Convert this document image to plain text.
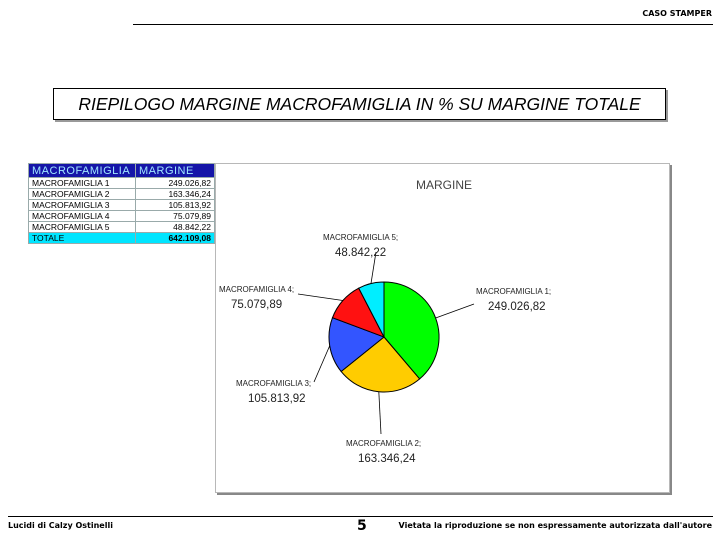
CASO STAMPER
RIEPILOGO MARGINE MACROFAMIGLIA IN % SU MARGINE TOTALE
MACROFAMIGLIA	MARGINE
MACROFAMIGLIA 1	249.026,82
MACROFAMIGLIA 2	163.346,24
MACROFAMIGLIA 3	105.813,92
MACROFAMIGLIA 4	75.079,89
MACROFAMIGLIA 5	48.842,22
TOTALE	642.109,08
MARGINE
MACROFAMIGLIA 1;
249.026,82
MACROFAMIGLIA 2;
163.346,24
MACROFAMIGLIA 3;
105.813,92
MACROFAMIGLIA 4;
75.079,89
MACROFAMIGLIA 5;
48.842,22
Lucidi di Calzy Ostinelli	5	Vietata la riproduzione se non espressamente autorizzata dall'autore
